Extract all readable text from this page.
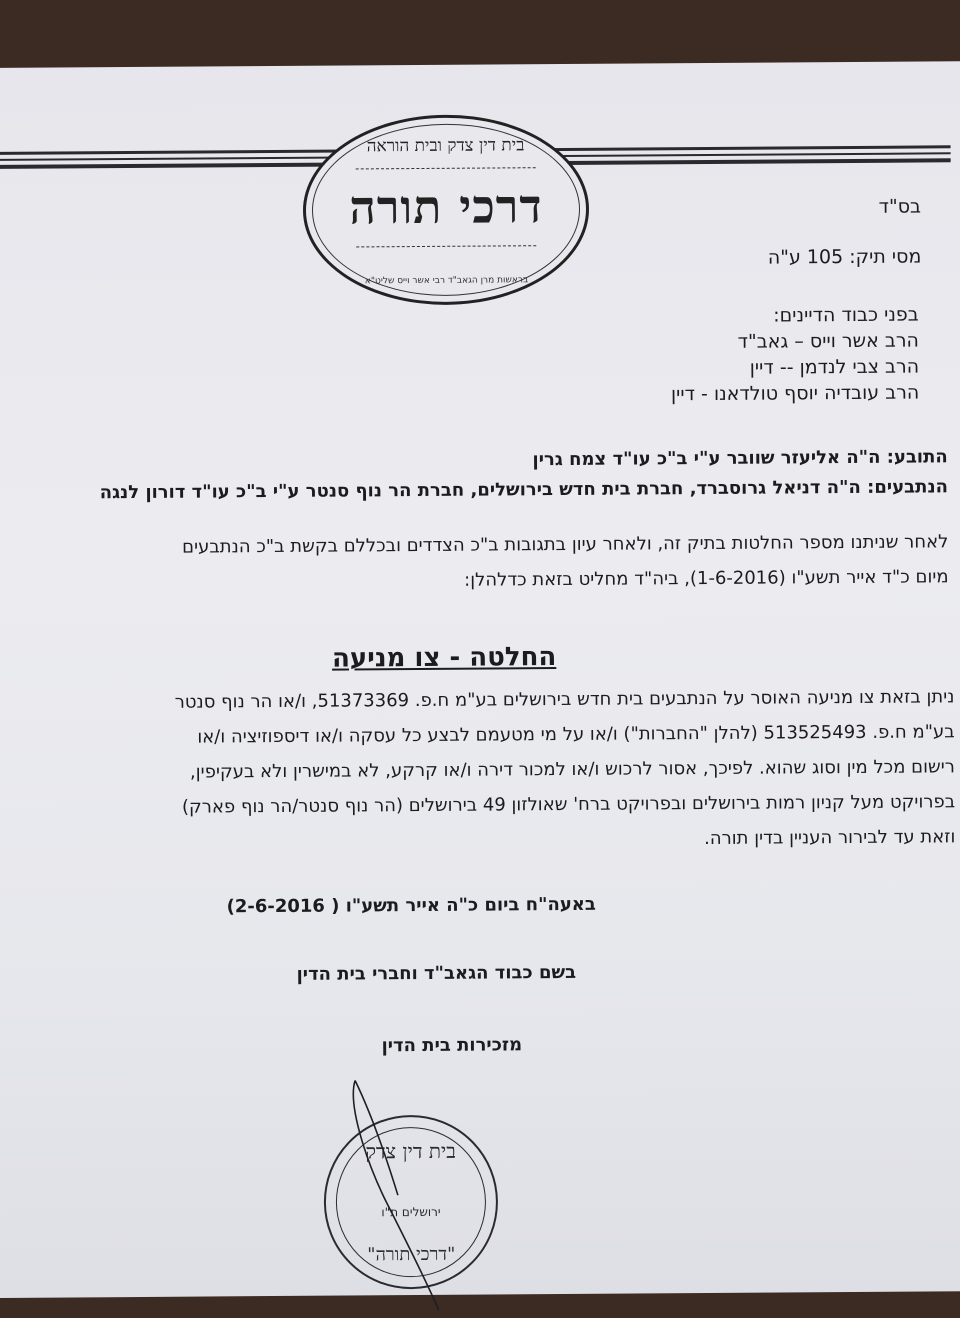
בית דין צדק ובית הוראה
דרכי תורה
בראשות מרן הגאב"ד רבי אשר וייס שליט"א
בס"ד
מסי תיק: 105 ע"ה
בפני כבוד הדיינים:
הרב אשר וייס – גאב"ד
הרב צבי לנדמן -- דיין
הרב עובדיה יוסף טולדאנו - דיין
התובע: ה"ה אליעזר שוובר ע"י ב"כ עו"ד צמח גרין
הנתבעים: ה"ה דניאל גרוסברד, חברת בית חדש בירושלים, חברת הר נוף סנטר ע"י ב"כ עו"ד דורון לנגה
לאחר שניתנו מספר החלטות בתיק זה, ולאחר עיון בתגובות ב"כ הצדדים ובכללם בקשת ב"כ הנתבעים
מיום כ"ד אייר תשע"ו (1-6-2016), ביה"ד מחליט בזאת כדלהלן:
החלטה - צו מניעה
ניתן בזאת צו מניעה האוסר על הנתבעים בית חדש בירושלים בע"מ ח.פ. 51373369, ו/או הר נוף סנטר
בע"מ ח.פ. 513525493 (להלן "החברות") ו/או על מי מטעמם לבצע כל עסקה ו/או דיספוזיציה ו/או
רישום מכל מין וסוג שהוא. לפיכך, אסור לרכוש ו/או למכור דירה ו/או קרקע, לא במישרין ולא בעקיפין,
בפרויקט מעל קניון רמות בירושלים ובפרויקט ברח' שאולזון 49 בירושלים (הר נוף סנטר/הר נוף פארק)
וזאת עד לבירור העניין בדין תורה.
באעה"ח ביום כ"ה אייר תשע"ו ( 2-6-2016)
בשם כבוד הגאב"ד וחברי בית הדין
מזכירות בית הדין
בית דין צדק
ירושלים ת"ו
"דרכי תורה"
